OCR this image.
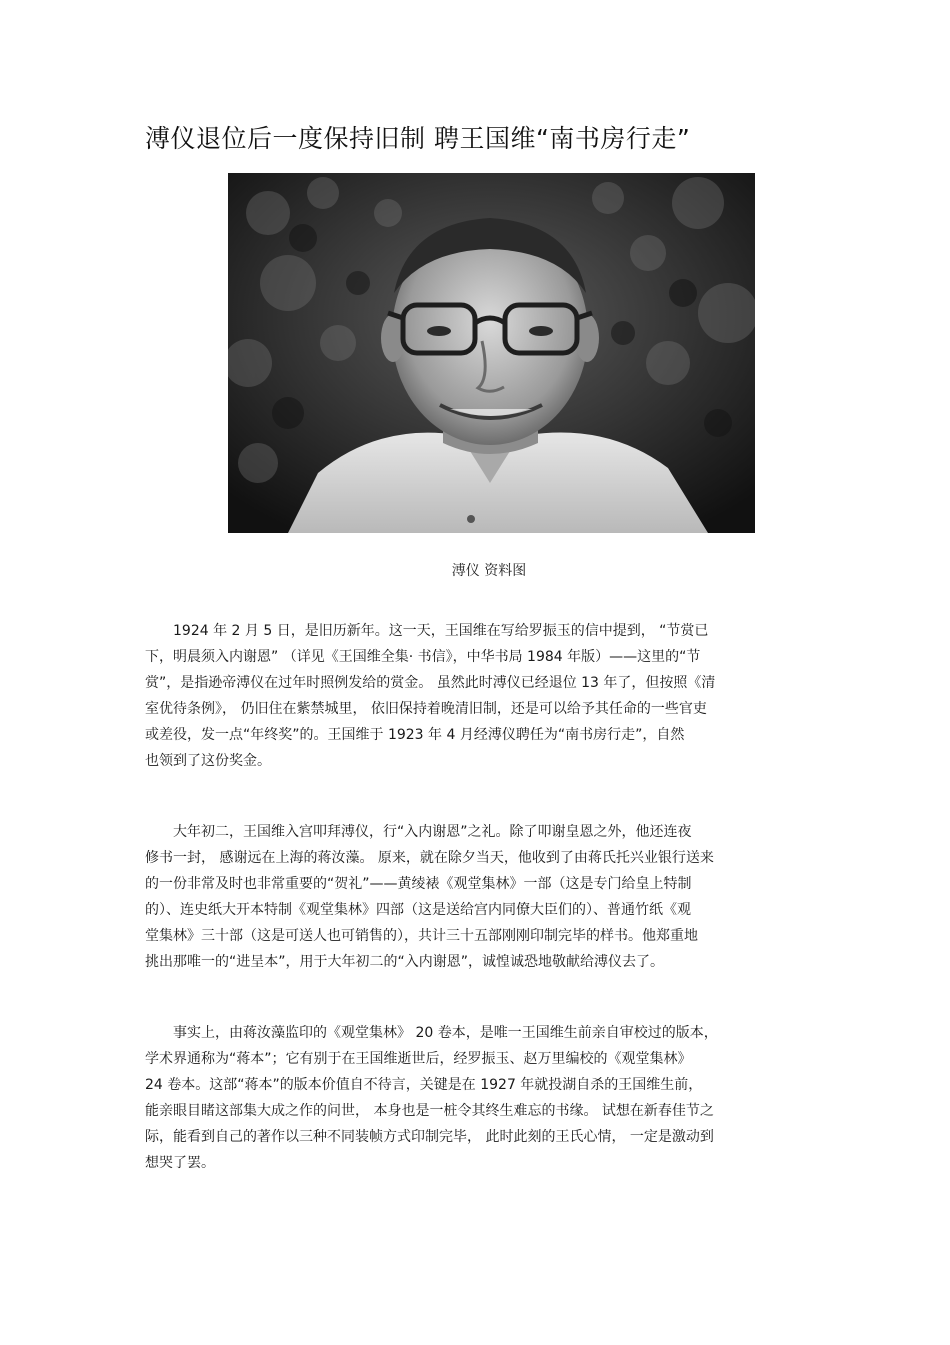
溥仪退位后一度保持旧制 聘王国维“南书房行走”
溥仪 资料图
　　1924 年 2 月 5 日，是旧历新年。这一天，王国维在写给罗振玉的信中提到， “节赏已
下，明晨须入内谢恩” （详见《王国维全集· 书信》，中华书局 1984 年版）——这里的“节
赏”，是指逊帝溥仪在过年时照例发给的赏金。 虽然此时溥仪已经退位 13 年了，但按照《清
室优待条例》， 仍旧住在紫禁城里， 依旧保持着晚清旧制，还是可以给予其任命的一些官吏
或差役，发一点“年终奖”的。王国维于 1923 年 4 月经溥仪聘任为“南书房行走”，自然
也领到了这份奖金。
　　大年初二，王国维入宫叩拜溥仪，行“入内谢恩”之礼。除了叩谢皇恩之外，他还连夜
修书一封， 感谢远在上海的蒋汝藻。 原来，就在除夕当天，他收到了由蒋氏托兴业银行送来
的一份非常及时也非常重要的“贺礼”——黄绫裱《观堂集林》一部（这是专门给皇上特制
的）、连史纸大开本特制《观堂集林》四部（这是送给宫内同僚大臣们的）、普通竹纸《观
堂集林》三十部（这是可送人也可销售的），共计三十五部刚刚印制完毕的样书。他郑重地
挑出那唯一的“进呈本”，用于大年初二的“入内谢恩”，诚惶诚恐地敬献给溥仪去了。
　　事实上，由蒋汝藻监印的《观堂集林》 20 卷本，是唯一王国维生前亲自审校过的版本，
学术界通称为“蒋本”；它有别于在王国维逝世后，经罗振玉、赵万里编校的《观堂集林》
24 卷本。这部“蒋本”的版本价值自不待言，关键是在 1927 年就投湖自杀的王国维生前，
能亲眼目睹这部集大成之作的问世， 本身也是一桩令其终生难忘的书缘。 试想在新春佳节之
际，能看到自己的著作以三种不同装帧方式印制完毕， 此时此刻的王氏心情， 一定是激动到
想哭了罢。
